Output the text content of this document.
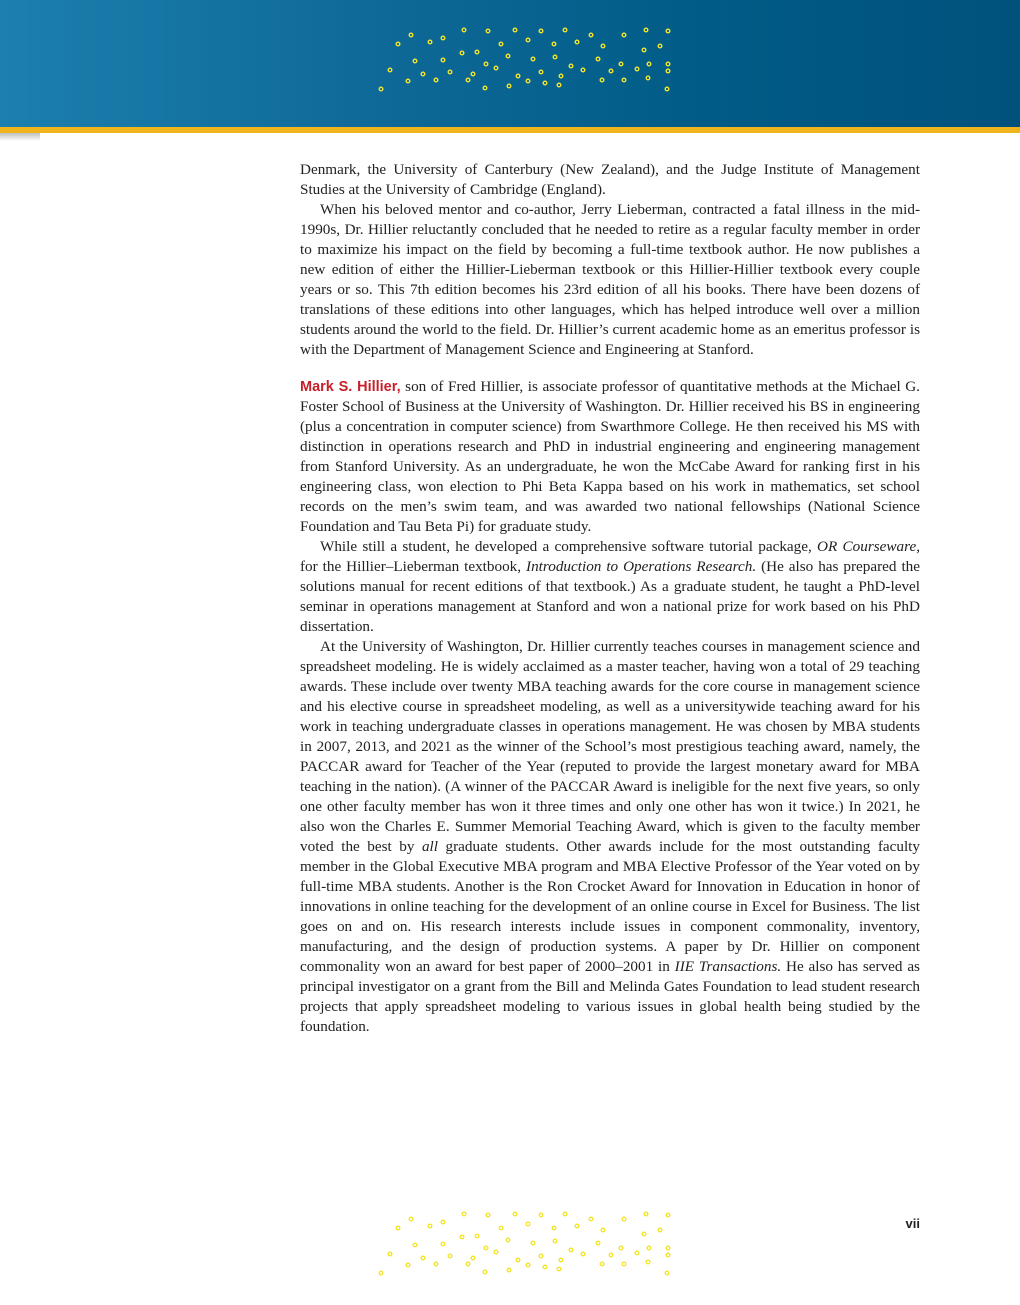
Denmark, the University of Canterbury (New Zealand), and the Judge Institute of Management Studies at the University of Cambridge (England).

When his beloved mentor and co-author, Jerry Lieberman, contracted a fatal illness in the mid-1990s, Dr. Hillier reluctantly concluded that he needed to retire as a regular faculty member in order to maximize his impact on the field by becoming a full-time textbook author. He now publishes a new edition of either the Hillier-Lieberman textbook or this Hillier-Hillier textbook every couple years or so. This 7th edition becomes his 23rd edition of all his books. There have been dozens of translations of these editions into other languages, which has helped introduce well over a million students around the world to the field. Dr. Hillier’s current academic home as an emeritus professor is with the Department of Management Science and Engineering at Stanford.

Mark S. Hillier, son of Fred Hillier, is associate professor of quantitative methods at the Michael G. Foster School of Business at the University of Washington. Dr. Hillier received his BS in engineering (plus a concentration in computer science) from Swarthmore College. He then received his MS with distinction in operations research and PhD in industrial engineering and engineering management from Stanford University. As an undergraduate, he won the McCabe Award for ranking first in his engineering class, won election to Phi Beta Kappa based on his work in mathematics, set school records on the men’s swim team, and was awarded two national fellowships (National Science Foundation and Tau Beta Pi) for graduate study.

While still a student, he developed a comprehensive software tutorial package, OR Courseware, for the Hillier–Lieberman textbook, Introduction to Operations Research. (He also has prepared the solutions manual for recent editions of that textbook.) As a graduate student, he taught a PhD-level seminar in operations management at Stanford and won a national prize for work based on his PhD dissertation.

At the University of Washington, Dr. Hillier currently teaches courses in management science and spreadsheet modeling. He is widely acclaimed as a master teacher, having won a total of 29 teaching awards. These include over twenty MBA teaching awards for the core course in management science and his elective course in spreadsheet modeling, as well as a universitywide teaching award for his work in teaching undergraduate classes in operations management. He was chosen by MBA students in 2007, 2013, and 2021 as the winner of the School’s most prestigious teaching award, namely, the PACCAR award for Teacher of the Year (reputed to provide the largest monetary award for MBA teaching in the nation). (A winner of the PACCAR Award is ineligible for the next five years, so only one other faculty member has won it three times and only one other has won it twice.) In 2021, he also won the Charles E. Summer Memorial Teaching Award, which is given to the faculty member voted the best by all graduate students. Other awards include for the most outstanding faculty member in the Global Executive MBA program and MBA Elective Professor of the Year voted on by full-time MBA students. Another is the Ron Crocket Award for Innovation in Education in honor of innovations in online teaching for the development of an online course in Excel for Business. The list goes on and on. His research interests include issues in component commonality, inventory, manufacturing, and the design of production systems. A paper by Dr. Hillier on component commonality won an award for best paper of 2000–2001 in IIE Transactions. He also has served as principal investigator on a grant from the Bill and Melinda Gates Foundation to lead student research projects that apply spreadsheet modeling to various issues in global health being studied by the foundation.

vii
